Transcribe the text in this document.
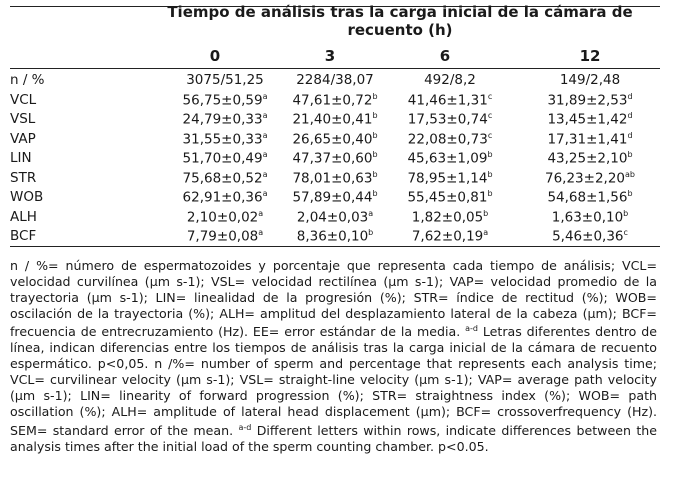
Tiempo de análisis tras la carga inicial de la cámara de recuento (h)
0	3	6	12
n / %	3075/51,25	2284/38,07	492/8,2	149/2,48
VCL	56,75±0,59$^a$	47,61±0,72$^b$	41,46±1,31$^c$	31,89±2,53$^d$
VSL	24,79±0,33$^a$	21,40±0,41$^b$	17,53±0,74$^c$	13,45±1,42$^d$
VAP	31,55±0,33$^a$	26,65±0,40$^b$	22,08±0,73$^c$	17,31±1,41$^d$
LIN	51,70±0,49$^a$	47,37±0,60$^b$	45,63±1,09$^b$	43,25±2,10$^b$
STR	75,68±0,52$^a$	78,01±0,63$^b$	78,95±1,14$^b$	76,23±2,20$^{ab}$
WOB	62,91±0,36$^a$	57,89±0,44$^b$	55,45±0,81$^b$	54,68±1,56$^b$
ALH	2,10±0,02$^a$	2,04±0,03$^a$	1,82±0,05$^b$	1,63±0,10$^b$
BCF	7,79±0,08$^a$	8,36±0,10$^b$	7,62±0,19$^a$	5,46±0,36$^c$
n / %= número de espermatozoides y porcentaje que representa cada tiempo de análisis; VCL= velocidad curvilínea (μm s-1); VSL= velocidad rectilínea (μm s-1); VAP= velocidad promedio de la trayectoria (μm s-1); LIN= linealidad de la progresión (%); STR= índice de rectitud (%); WOB= oscilación de la trayectoria (%); ALH= amplitud del desplazamiento lateral de la cabeza (μm); BCF= frecuencia de entrecruzamiento (Hz). EE= error estándar de la media. $^{a-d}$ Letras diferentes dentro de línea, indican diferencias entre los tiempos de análisis tras la carga inicial de la cámara de recuento espermático. p<0,05. n /%= number of sperm and percentage that represents each analysis time; VCL= curvilinear velocity (μm s-1); VSL= straight-line velocity (μm s-1); VAP= average path velocity (μm s-1); LIN= linearity of forward progression (%); STR= straightness index (%); WOB= path oscillation (%); ALH= amplitude of lateral head displacement (μm); BCF= crossoverfrequency (Hz). SEM= standard error of the mean. $^{a-d}$ Different letters within rows, indicate differences between the analysis times after the initial load of the sperm counting chamber. p<0.05.
